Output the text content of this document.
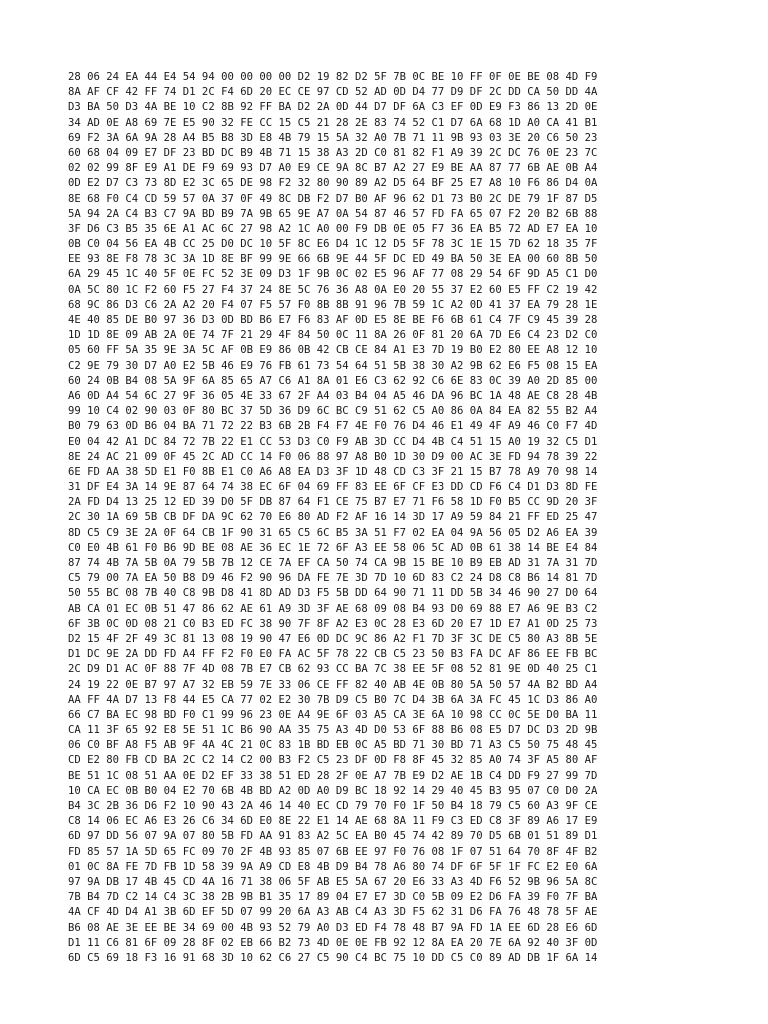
28 06 24 EA 44 E4 54 94 00 00 00 00 D2 19 82 D2 5F 7B 0C BE 10 FF 0F 0E BE 08 4D F9
8A AF CF 42 FF 74 D1 2C F4 6D 20 EC CE 97 CD 52 AD 0D D4 77 D9 DF 2C DD CA 50 DD 4A
D3 BA 50 D3 4A BE 10 C2 8B 92 FF BA D2 2A 0D 44 D7 DF 6A C3 EF 0D E9 F3 86 13 2D 0E
34 AD 0E A8 69 7E E5 90 32 FE CC 15 C5 21 28 2E 83 74 52 C1 D7 6A 68 1D A0 CA 41 B1
69 F2 3A 6A 9A 28 A4 B5 B8 3D E8 4B 79 15 5A 32 A0 7B 71 11 9B 93 03 3E 20 C6 50 23
60 68 04 09 E7 DF 23 BD DC B9 4B 71 15 38 A3 2D C0 81 82 F1 A9 39 2C DC 76 0E 23 7C
02 02 99 8F E9 A1 DE F9 69 93 D7 A0 E9 CE 9A 8C B7 A2 27 E9 BE AA 87 77 6B AE 0B A4
0D E2 D7 C3 73 8D E2 3C 65 DE 98 F2 32 80 90 89 A2 D5 64 BF 25 E7 A8 10 F6 86 D4 0A
8E 68 F0 C4 CD 59 57 0A 37 0F 49 8C DB F2 D7 B0 AF 96 62 D1 73 B0 2C DE 79 1F 87 D5
5A 94 2A C4 B3 C7 9A BD B9 7A 9B 65 9E A7 0A 54 87 46 57 FD FA 65 07 F2 20 B2 6B 88
3F D6 C3 B5 35 6E A1 AC 6C 27 98 A2 1C A0 00 F9 DB 0E 05 F7 36 EA B5 72 AD E7 EA 10
0B C0 04 56 EA 4B CC 25 D0 DC 10 5F 8C E6 D4 1C 12 D5 5F 78 3C 1E 15 7D 62 18 35 7F
EE 93 8E F8 78 3C 3A 1D 8E BF 99 9E 66 6B 9E 44 5F DC ED 49 BA 50 3E EA 00 60 8B 50
6A 29 45 1C 40 5F 0E FC 52 3E 09 D3 1F 9B 0C 02 E5 96 AF 77 08 29 54 6F 9D A5 C1 D0
0A 5C 80 1C F2 60 F5 27 F4 37 24 8E 5C 76 36 A8 0A E0 20 55 37 E2 60 E5 FF C2 19 42
68 9C 86 D3 C6 2A A2 20 F4 07 F5 57 F0 8B 8B 91 96 7B 59 1C A2 0D 41 37 EA 79 28 1E
4E 40 85 DE B0 97 36 D3 0D BD B6 E7 F6 83 AF 0D E5 8E BE F6 6B 61 C4 7F C9 45 39 28
1D 1D 8E 09 AB 2A 0E 74 7F 21 29 4F 84 50 0C 11 8A 26 0F 81 20 6A 7D E6 C4 23 D2 C0
05 60 FF 5A 35 9E 3A 5C AF 0B E9 86 0B 42 CB CE 84 A1 E3 7D 19 B0 E2 80 EE A8 12 10
C2 9E 79 30 D7 A0 E2 5B 46 E9 76 FB 61 73 54 64 51 5B 38 30 A2 9B 62 E6 F5 08 15 EA
60 24 0B B4 08 5A 9F 6A 85 65 A7 C6 A1 8A 01 E6 C3 62 92 C6 6E 83 0C 39 A0 2D 85 00
A6 0D A4 54 6C 27 9F 36 05 4E 33 67 2F A4 03 B4 04 A5 46 DA 96 BC 1A 48 AE C8 28 4B
99 10 C4 02 90 03 0F 80 BC 37 5D 36 D9 6C BC C9 51 62 C5 A0 86 0A 84 EA 82 55 B2 A4
B0 79 63 0D B6 04 BA 71 72 22 B3 6B 2B F4 F7 4E F0 76 D4 46 E1 49 4F A9 46 C0 F7 4D
E0 04 42 A1 DC 84 72 7B 22 E1 CC 53 D3 C0 F9 AB 3D CC D4 4B C4 51 15 A0 19 32 C5 D1
8E 24 AC 21 09 0F 45 2C AD CC 14 F0 06 88 97 A8 B0 1D 30 D9 00 AC 3E FD 94 78 39 22
6E FD AA 38 5D E1 F0 8B E1 C0 A6 A8 EA D3 3F 1D 48 CD C3 3F 21 15 B7 78 A9 70 98 14
31 DF E4 3A 14 9E 87 64 74 38 EC 6F 04 69 FF 83 EE 6F CF E3 DD CD F6 C4 D1 D3 8D FE
2A FD D4 13 25 12 ED 39 D0 5F DB 87 64 F1 CE 75 B7 E7 71 F6 58 1D F0 B5 CC 9D 20 3F
2C 30 1A 69 5B CB DF DA 9C 62 70 E6 80 AD F2 AF 16 14 3D 17 A9 59 84 21 FF ED 25 47
8D C5 C9 3E 2A 0F 64 CB 1F 90 31 65 C5 6C B5 3A 51 F7 02 EA 04 9A 56 05 D2 A6 EA 39
C0 E0 4B 61 F0 B6 9D BE 08 AE 36 EC 1E 72 6F A3 EE 58 06 5C AD 0B 61 38 14 BE E4 84
87 74 4B 7A 5B 0A 79 5B 7B 12 CE 7A EF CA 50 74 CA 9B 15 BE 10 B9 EB AD 31 7A 31 7D
C5 79 00 7A EA 50 B8 D9 46 F2 90 96 DA FE 7E 3D 7D 10 6D 83 C2 24 D8 C8 B6 14 81 7D
50 55 BC 08 7B 40 C8 9B D8 41 8D AD D3 F5 5B DD 64 90 71 11 DD 5B 34 46 90 27 D0 64
AB CA 01 EC 0B 51 47 86 62 AE 61 A9 3D 3F AE 68 09 08 B4 93 D0 69 88 E7 A6 9E B3 C2
6F 3B 0C 0D 08 21 C0 B3 ED FC 38 90 7F 8F A2 E3 0C 28 E3 6D 20 E7 1D E7 A1 0D 25 73
D2 15 4F 2F 49 3C 81 13 08 19 90 47 E6 0D DC 9C 86 A2 F1 7D 3F 3C DE C5 80 A3 8B 5E
D1 DC 9E 2A DD FD A4 FF F2 F0 E0 FA AC 5F 78 22 CB C5 23 50 B3 FA DC AF 86 EE FB BC
2C D9 D1 AC 0F 88 7F 4D 08 7B E7 CB 62 93 CC BA 7C 38 EE 5F 08 52 81 9E 0D 40 25 C1
24 19 22 0E B7 97 A7 32 EB 59 7E 33 06 CE FF 82 40 AB 4E 0B 80 5A 50 57 4A B2 BD A4
AA FF 4A D7 13 F8 44 E5 CA 77 02 E2 30 7B D9 C5 B0 7C D4 3B 6A 3A FC 45 1C D3 86 A0
66 C7 BA EC 98 BD F0 C1 99 96 23 0E A4 9E 6F 03 A5 CA 3E 6A 10 98 CC 0C 5E D0 BA 11
CA 11 3F 65 92 E8 5E 51 1C B6 90 AA 35 75 A3 4D D0 53 6F 88 B6 08 E5 D7 DC D3 2D 9B
06 C0 BF A8 F5 AB 9F 4A 4C 21 0C 83 1B BD EB 0C A5 BD 71 30 BD 71 A3 C5 50 75 48 45
CD E2 80 FB CD BA 2C C2 14 C2 00 B3 F2 C5 23 DF 0D F8 8F 45 32 85 A0 74 3F A5 80 AF
BE 51 1C 08 51 AA 0E D2 EF 33 38 51 ED 28 2F 0E A7 7B E9 D2 AE 1B C4 DD F9 27 99 7D
10 CA EC 0B B0 04 E2 70 6B 4B BD A2 0D A0 D9 BC 18 92 14 29 40 45 B3 95 07 C0 D0 2A
B4 3C 2B 36 D6 F2 10 90 43 2A 46 14 40 EC CD 79 70 F0 1F 50 B4 18 79 C5 60 A3 9F CE
C8 14 06 EC A6 E3 26 C6 34 6D E0 8E 22 E1 14 AE 68 8A 11 F9 C3 ED C8 3F 89 A6 17 E9
6D 97 DD 56 07 9A 07 80 5B FD AA 91 83 A2 5C EA B0 45 74 42 89 70 D5 6B 01 51 89 D1
FD 85 57 1A 5D 65 FC 09 70 2F 4B 93 85 07 6B EE 97 F0 76 08 1F 07 51 64 70 8F 4F B2
01 0C 8A FE 7D FB 1D 58 39 9A A9 CD E8 4B D9 B4 78 A6 80 74 DF 6F 5F 1F FC E2 E0 6A
97 9A DB 17 4B 45 CD 4A 16 71 38 06 5F AB E5 5A 67 20 E6 33 A3 4D F6 52 9B 96 5A 8C
7B B4 7D C2 14 C4 3C 38 2B 9B B1 35 17 89 04 E7 E7 3D C0 5B 09 E2 D6 FA 39 F0 7F BA
4A CF 4D D4 A1 3B 6D EF 5D 07 99 20 6A A3 AB C4 A3 3D F5 62 31 D6 FA 76 48 78 5F AE
B6 08 AE 3E EE BE 34 69 00 4B 93 52 79 A0 D3 ED F4 78 48 B7 9A FD 1A EE 6D 28 E6 6D
D1 11 C6 81 6F 09 28 8F 02 EB 66 B2 73 4D 0E 0E FB 92 12 8A EA 20 7E 6A 92 40 3F 0D
6D C5 69 18 F3 16 91 68 3D 10 62 C6 27 C5 90 C4 BC 75 10 DD C5 C0 89 AD DB 1F 6A 14
